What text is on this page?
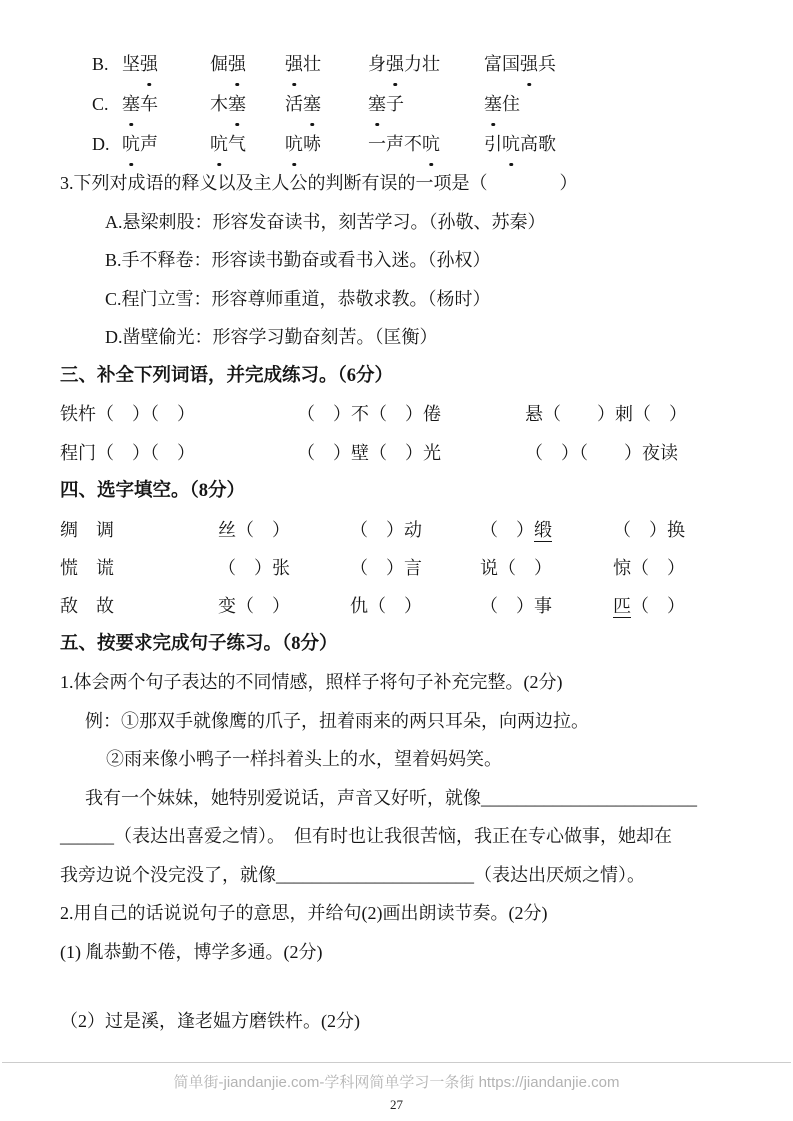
B. 坚强	倔强	强壮	身强力壮	富国强兵
C. 塞车	木塞	活塞	塞子	塞住
D. 吭声	吭气	吭哧	一声不吭	引吭高歌
3.下列对成语的释义以及主人公的判断有误的一项是（　　　　）
A.悬梁刺股：形容发奋读书，刻苦学习。（孙敬、苏秦）
B.手不释卷：形容读书勤奋或看书入迷。（孙权）
C.程门立雪：形容尊师重道，恭敬求教。（杨时）
D.凿壁偷光：形容学习勤奋刻苦。（匡衡）
三、补全下列词语，并完成练习。（6分）
铁杵（　）（　）	（　）不（　）倦	悬（　　）刺（　）
程门（　）（　）	（　）壁（　）光	（　）（　　）夜读
四、选字填空。（8分）
绸　调	丝（　）	（　）动	（　 ）缎	（　）换
慌　谎	（　）张	（　）言	说（　）	惊（　）
敌　故	变（　）	仇（　）	（　）事	匹（　 ）
五、按要求完成句子练习。（8分）
1.体会两个句子表达的不同情感，照样子将句子补充完整。(2分)
例：①那双手就像鹰的爪子，扭着雨来的两只耳朵，向两边拉。
②雨来像小鸭子一样抖着头上的水，望着妈妈笑。
我有一个妹妹，她特别爱说话，声音又好听，就像________________________
______（表达出喜爱之情）。　但有时也让我很苦恼，我正在专心做事，她却在
我旁边说个没完没了，就像______________________（表达出厌烦之情）。
2.用自己的话说说句子的意思，并给句(2)画出朗读节奏。(2分)
(1) 胤恭勤不倦，博学多通。(2分)
（2）过是溪，逢老媪方磨铁杵。(2分)
简单街-jiandanjie.com-学科网简单学习一条街 https://jiandanjie.com
27
